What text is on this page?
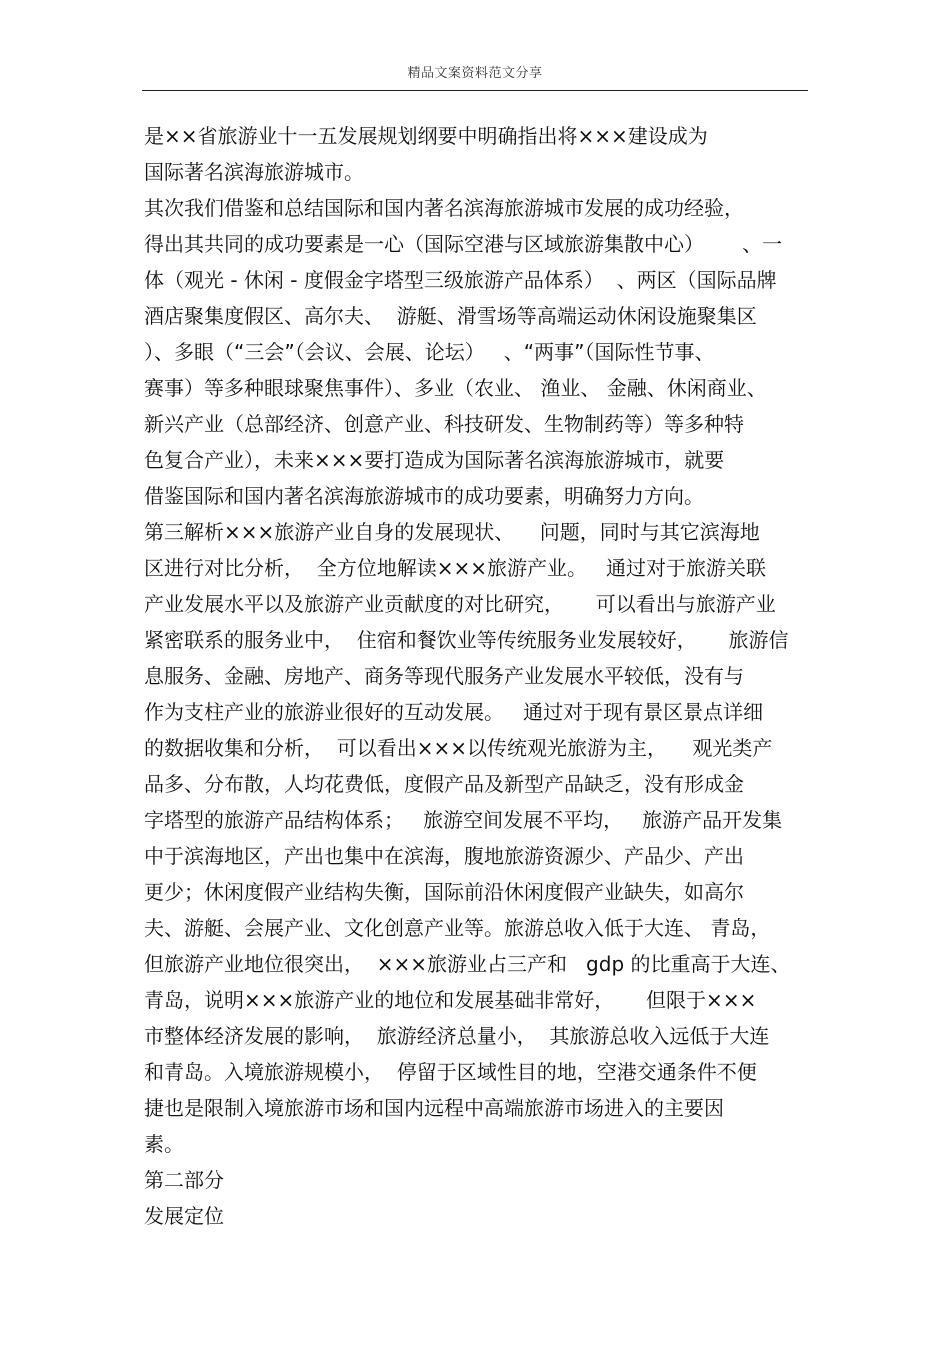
精品文案资料范文分享
是××省旅游业十一五发展规划纲要中明确指出将×××建设成为
国际著名滨海旅游城市。
其次我们借鉴和总结国际和国内著名滨海旅游城市发展的成功经验，
得出其共同的成功要素是一心（国际空港与区域旅游集散中心）      、一
体（观光 - 休闲 - 度假金字塔型三级旅游产品体系）  、两区（国际品牌
酒店聚集度假区、高尔夫、  游艇、滑雪场等高端运动休闲设施聚集区
）、多眼（“三会”（会议、会展、论坛）   、“两事”（国际性节事、
赛事）等多种眼球聚焦事件）、多业（农业、 渔业、 金融、休闲商业、
新兴产业（总部经济、创意产业、科技研发、生物制药等）等多种特
色复合产业），未来×××要打造成为国际著名滨海旅游城市，就要
借鉴国际和国内著名滨海旅游城市的成功要素，明确努力方向。
第三解析×××旅游产业自身的发展现状、    问题，同时与其它滨海地
区进行对比分析，  全方位地解读×××旅游产业。   通过对于旅游关联
产业发展水平以及旅游产业贡献度的对比研究，     可以看出与旅游产业
紧密联系的服务业中，  住宿和餐饮业等传统服务业发展较好，     旅游信
息服务、金融、房地产、商务等现代服务产业发展水平较低，没有与
作为支柱产业的旅游业很好的互动发展。   通过对于现有景区景点详细
的数据收集和分析，  可以看出×××以传统观光旅游为主，    观光类产
品多、分布散，人均花费低，度假产品及新型产品缺乏，没有形成金
字塔型的旅游产品结构体系；   旅游空间发展不平均，   旅游产品开发集
中于滨海地区，产出也集中在滨海，腹地旅游资源少、产品少、产出
更少；休闲度假产业结构失衡，国际前沿休闲度假产业缺失，如高尔
夫、游艇、会展产业、文化创意产业等。旅游总收入低于大连、 青岛，
但旅游产业地位很突出，  ×××旅游业占三产和   gdp 的比重高于大连、
青岛，说明×××旅游产业的地位和发展基础非常好，     但限于×××
市整体经济发展的影响，  旅游经济总量小，  其旅游总收入远低于大连
和青岛。入境旅游规模小，  停留于区域性目的地，空港交通条件不便
捷也是限制入境旅游市场和国内远程中高端旅游市场进入的主要因
素。
第二部分
发展定位
